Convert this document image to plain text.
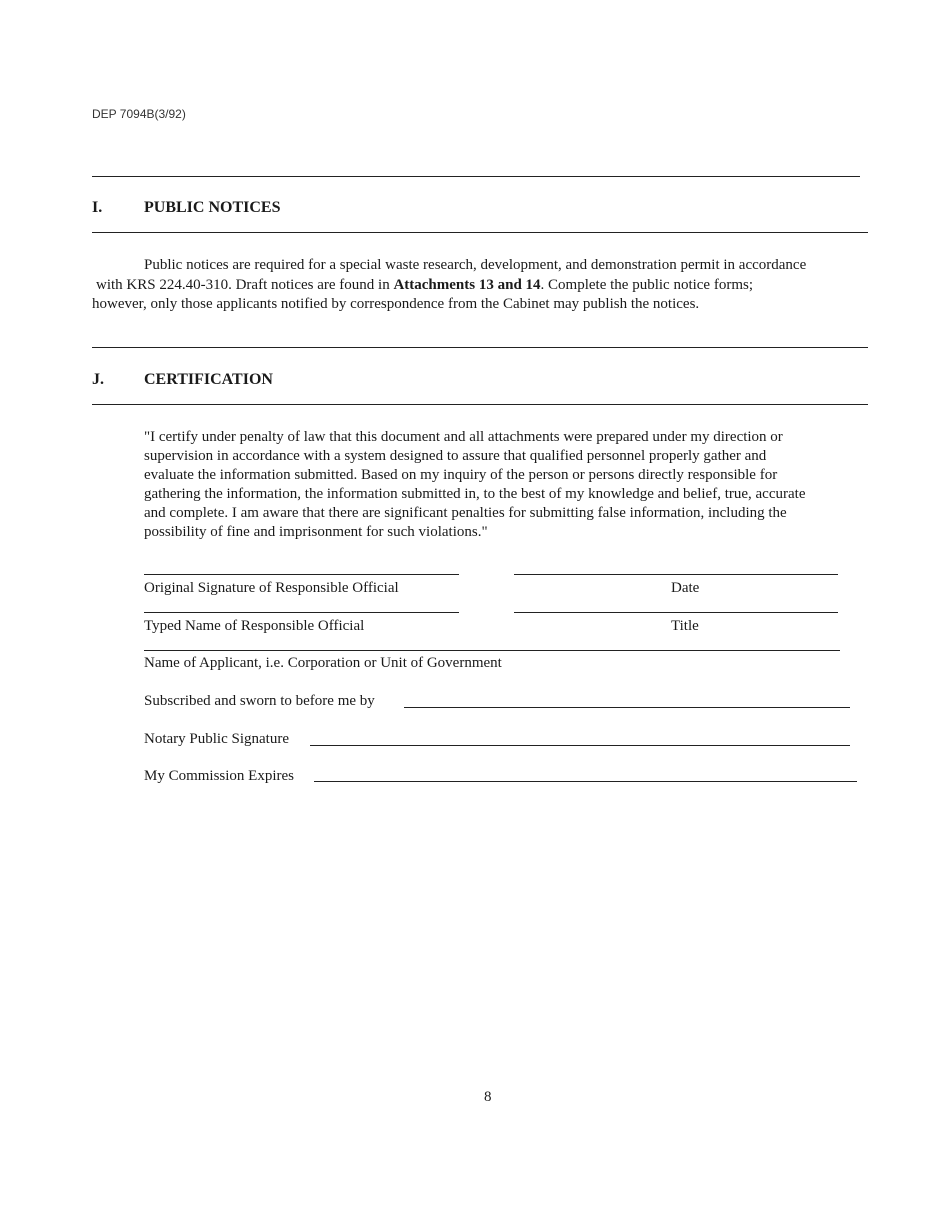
DEP 7094B(3/92)
I.	PUBLIC NOTICES
Public notices are required for a special waste research, development, and demonstration permit in accordance
with KRS 224.40-310. Draft notices are found in Attachments 13 and 14. Complete the public notice forms;
however, only those applicants notified by correspondence from the Cabinet may publish the notices.
J.	CERTIFICATION
"I certify under penalty of law that this document and all attachments were prepared under my direction or
supervision in accordance with a system designed to assure that qualified personnel properly gather and
evaluate the information submitted. Based on my inquiry of the person or persons directly responsible for
gathering the information, the information submitted in, to the best of my knowledge and belief, true, accurate
and complete. I am aware that there are significant penalties for submitting false information, including the
possibility of fine and imprisonment for such violations."
Original Signature of Responsible Official	Date
Typed Name of Responsible Official	Title
Name of Applicant, i.e. Corporation or Unit of Government
Subscribed and sworn to before me by
Notary Public Signature
My Commission Expires
8
